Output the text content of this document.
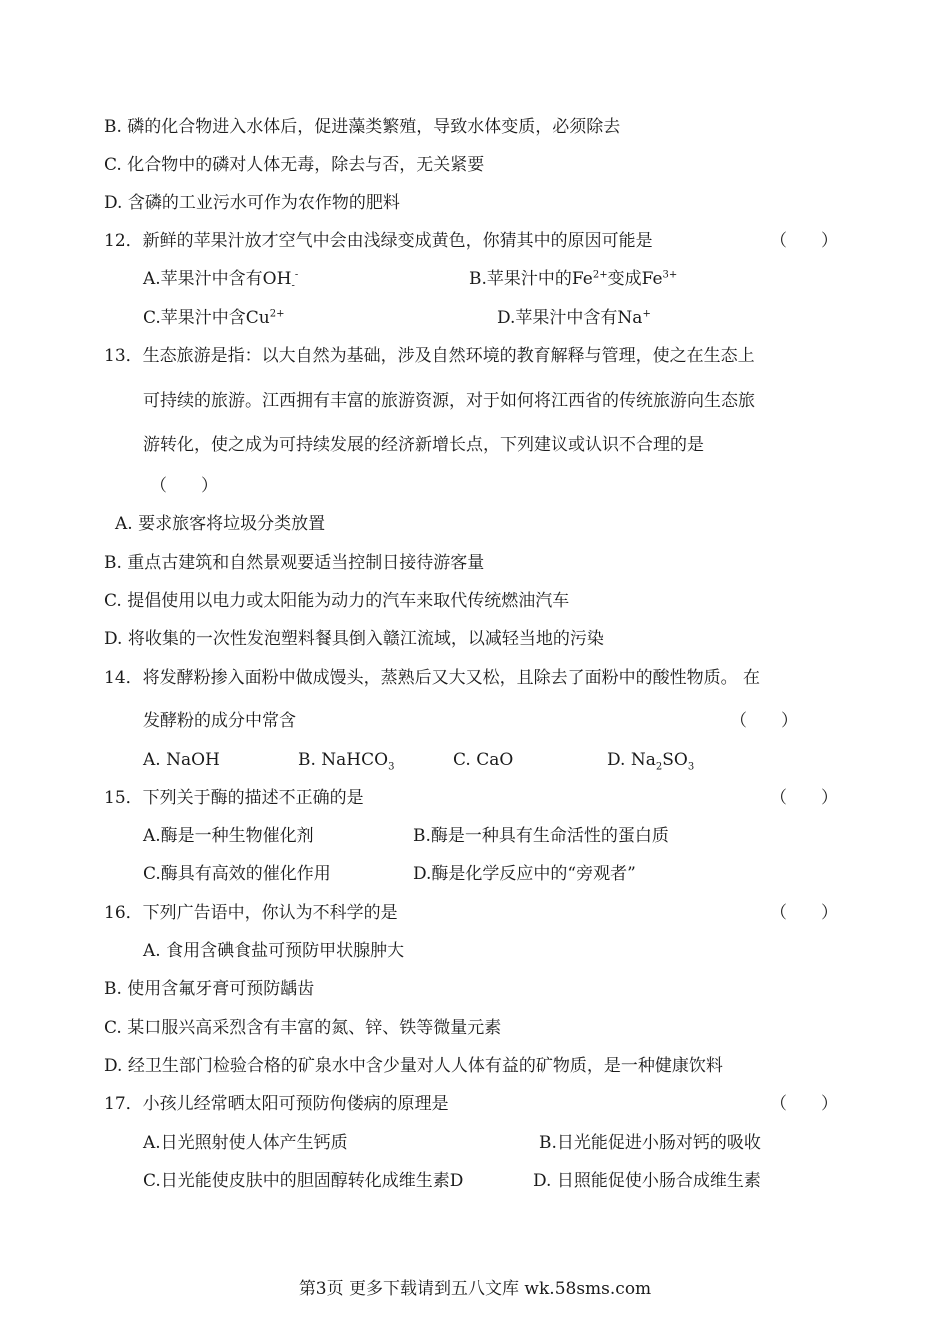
B. 磷的化合物进入水体后，促进藻类繁殖，导致水体变质，必须除去
C. 化合物中的磷对人体无毒，除去与否，无关紧要
D. 含磷的工业污水可作为农作物的肥料
12．新鲜的苹果汁放才空气中会由浅绿变成黄色，你猜其中的原因可能是	（　　）
A.苹果汁中含有$OH_-^-$	B.苹果汁中的$Fe^{2+}$变成$Fe^{3+}$
C.苹果汁中含$Cu^{2+}$	D.苹果汁中含有Na+
13．生态旅游是指：以大自然为基础，涉及自然环境的教育解释与管理，使之在生态上
可持续的旅游。江西拥有丰富的旅游资源，对于如何将江西省的传统旅游向生态旅
游转化，使之成为可持续发展的经济新增长点，下列建议或认识不合理的是
（　　）
A. 要求旅客将垃圾分类放置
B. 重点古建筑和自然景观要适当控制日接待游客量
C. 提倡使用以电力或太阳能为动力的汽车来取代传统燃油汽车
D. 将收集的一次性发泡塑料餐具倒入赣江流域，以减轻当地的污染
14．将发酵粉掺入面粉中做成馒头，蒸熟后又大又松，且除去了面粉中的酸性物质。 在
发酵粉的成分中常含	（　　）
A. NaOH	B. NaHCO$_3$	C. CaO	D. $Na_2SO_3$
15．下列关于酶的描述不正确的是	（　　）
A.酶是一种生物催化剂	B.酶是一种具有生命活性的蛋白质
C.酶具有高效的催化作用	D.酶是化学反应中的“旁观者”
16．下列广告语中，你认为不科学的是	（　　）
A. 食用含碘食盐可预防甲状腺肿大
B. 使用含氟牙膏可预防龋齿
C. 某口服兴高采烈含有丰富的氮、锌、铁等微量元素
D. 经卫生部门检验合格的矿泉水中含少量对人人体有益的矿物质，是一种健康饮料
17．小孩儿经常晒太阳可预防佝偻病的原理是	（　　）
A.日光照射使人体产生钙质	B.日光能促进小肠对钙的吸收
C.日光能使皮肤中的胆固醇转化成维生素D	D. 日照能促使小肠合成维生素
第3页 更多下载请到五八文库 wk.58sms.com
